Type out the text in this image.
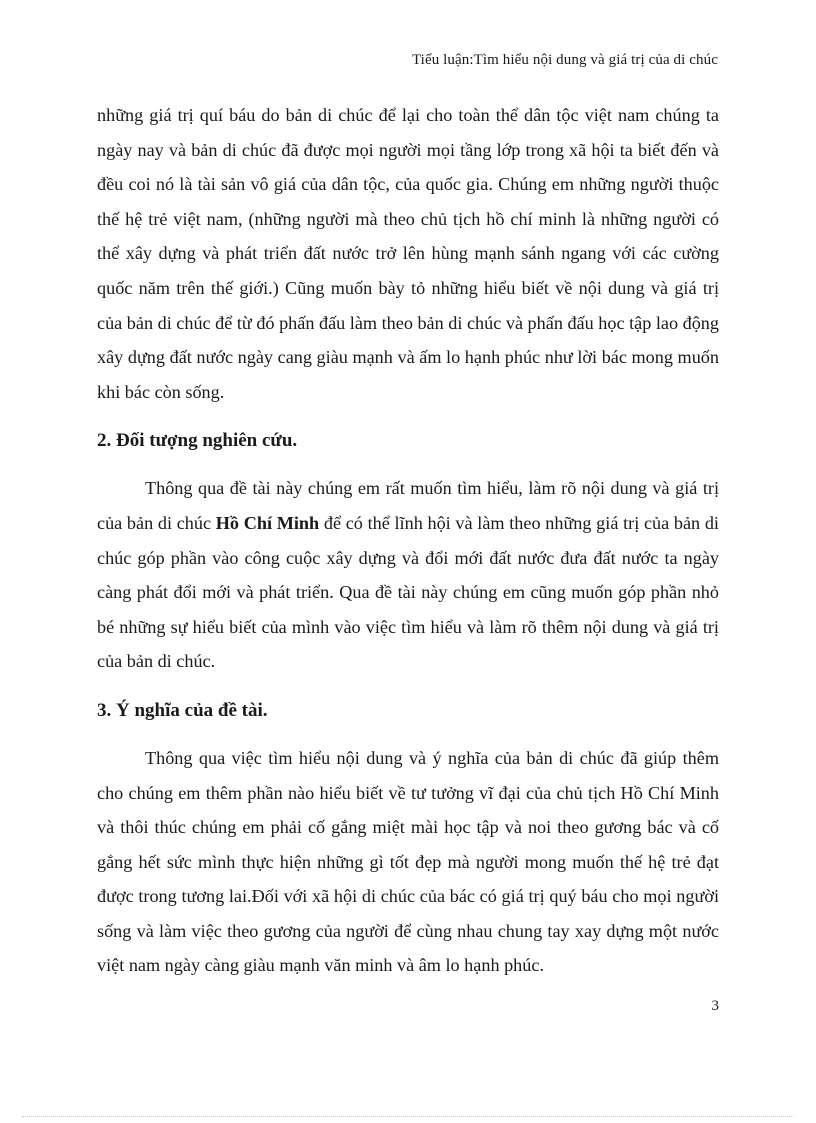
Tiểu luận:Tìm hiểu nội dung và giá trị của di chúc

những giá trị quí báu do bản di chúc để lại cho toàn thể dân tộc việt nam chúng ta ngày nay và bản di chúc đã được mọi người mọi tầng lớp trong xã hội ta biết đến và đều coi nó là tài sản vô giá của dân tộc, của quốc gia. Chúng em những người thuộc thế hệ trẻ việt nam, (những người mà theo chủ tịch hồ chí minh là những người có thể xây dựng và phát triển đất nước trở lên hùng mạnh sánh ngang với các cường quốc năm trên thế giới.) Cũng muốn bày tỏ những hiểu biết về nội dung và giá trị của bản di chúc để từ đó phấn đấu làm theo bản di chúc và phấn đấu học tập lao động xây dựng đất nước ngày cang giàu mạnh và ấm lo hạnh phúc như lời bác mong muốn khi bác còn sống.

2. Đối tượng nghiên cứu.

Thông qua đề tài này chúng em rất muốn tìm hiểu, làm rõ nội dung và giá trị của bản di chúc Hồ Chí Minh để có thể lĩnh hội và làm theo những giá trị của bản di chúc góp phần vào công cuộc xây dựng và đổi mới đất nước đưa đất nước ta ngày càng phát đổi mới và phát triển. Qua đề tài này chúng em cũng muốn góp phần nhỏ bé những sự hiểu biết của mình vào việc tìm hiểu và làm rõ thêm nội dung và giá trị của bản di chúc.

3. Ý nghĩa của đề tài.

Thông qua việc tìm hiểu nội dung và ý nghĩa của bản di chúc đã giúp thêm cho chúng em thêm phần nào hiểu biết về tư tưởng vĩ đại của chủ tịch Hồ Chí Minh và thôi thúc chúng em phải cố gắng miệt mài học tập và noi theo gương bác và cố gắng hết sức mình thực hiện những gì tốt đẹp mà người mong muốn thế hệ trẻ đạt được trong tương lai.Đối với xã hội di chúc của bác có giá trị quý báu cho mọi người sống và làm việc theo gương của người để cùng nhau chung tay xay dựng một nước việt nam ngày càng giàu mạnh văn minh và âm lo hạnh phúc.

3
